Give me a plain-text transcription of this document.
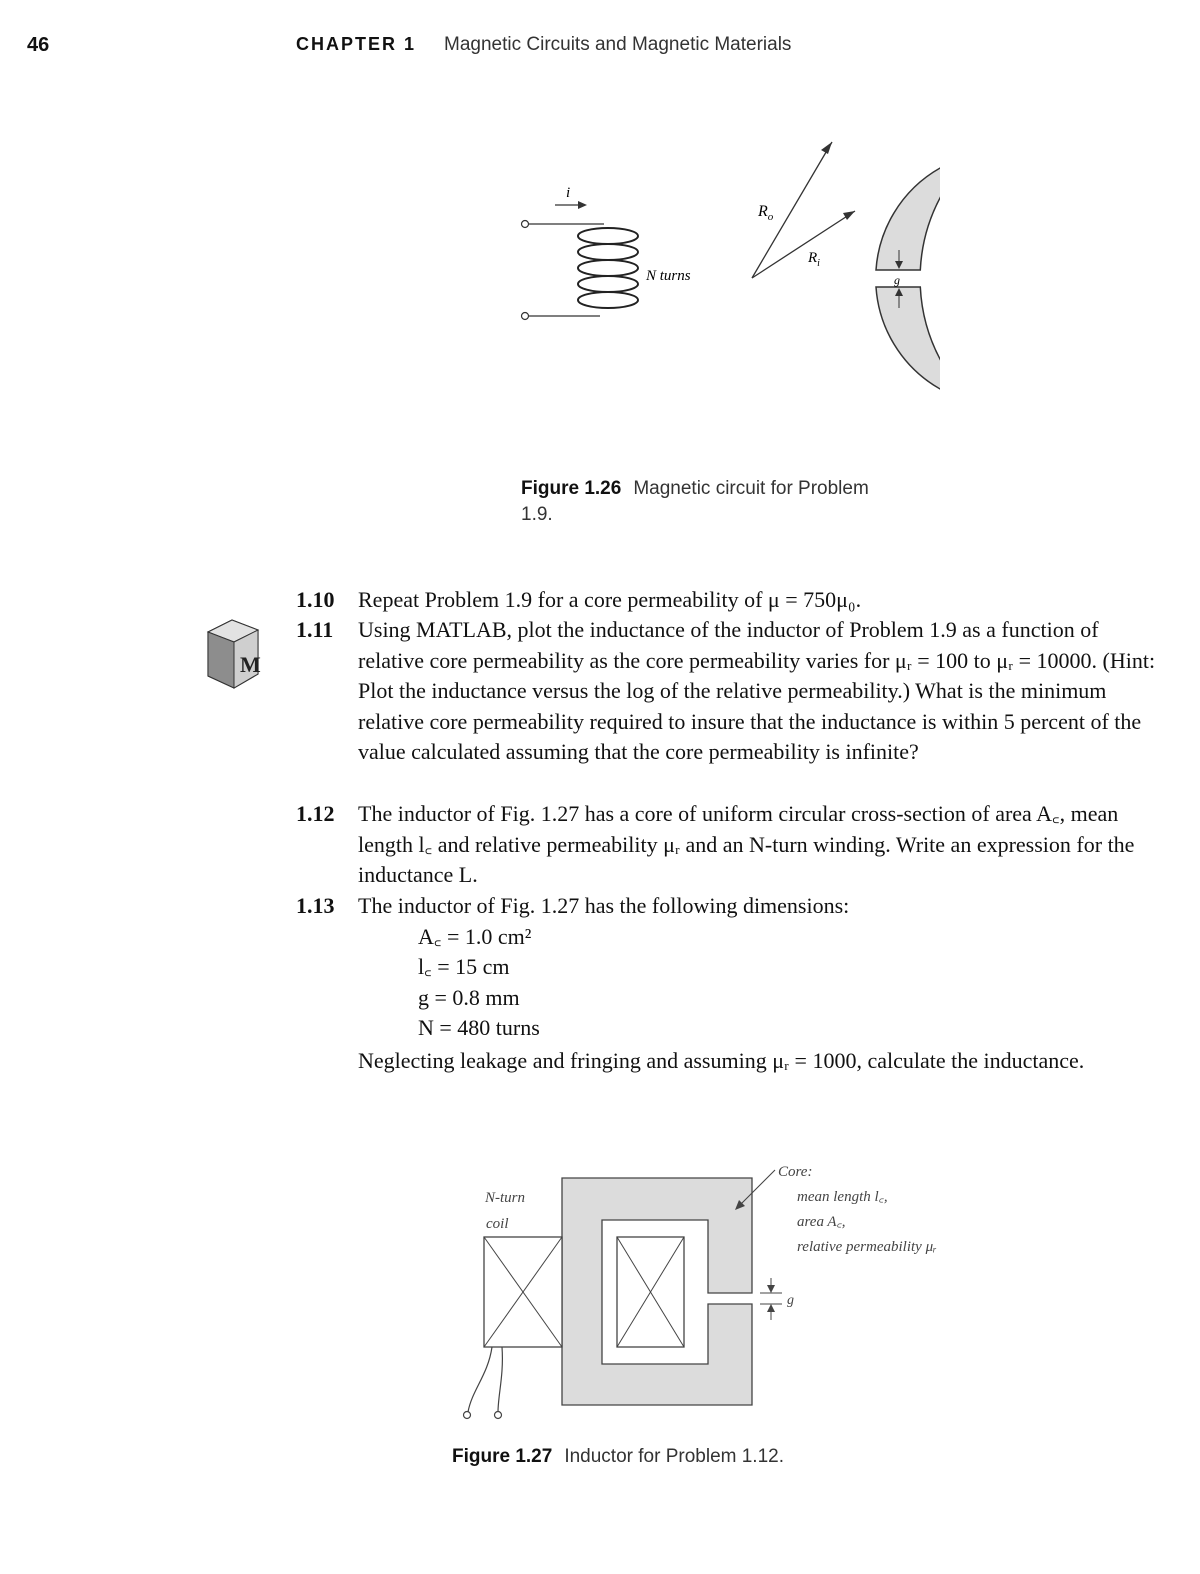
46	CHAPTER 1 Magnetic Circuits and Magnetic Materials
$R_o$
$R_i$
g
i
N turns
Figure 1.26 Magnetic circuit for Problem 1.9.
M
1.10	Repeat Problem 1.9 for a core permeability of μ = 750μ₀.
1.11	Using MATLAB, plot the inductance of the inductor of Problem 1.9 as a function of relative core permeability as the core permeability varies for μᵣ = 100 to μᵣ = 10000. (Hint: Plot the inductance versus the log of the relative permeability.) What is the minimum relative core permeability required to insure that the inductance is within 5 percent of the value calculated assuming that the core permeability is infinite?
1.12	The inductor of Fig. 1.27 has a core of uniform circular cross-section of area A꜀, mean length l꜀ and relative permeability μᵣ and an N-turn winding. Write an expression for the inductance L.
1.13	The inductor of Fig. 1.27 has the following dimensions:
A꜀ = 1.0 cm²
l꜀ = 15 cm
g = 0.8 mm
N = 480 turns
Neglecting leakage and fringing and assuming μᵣ = 1000, calculate the inductance.
N-turn
coil
Core:
mean length l꜀,
area A꜀,
relative permeability μᵣ
g
Figure 1.27 Inductor for Problem 1.12.
